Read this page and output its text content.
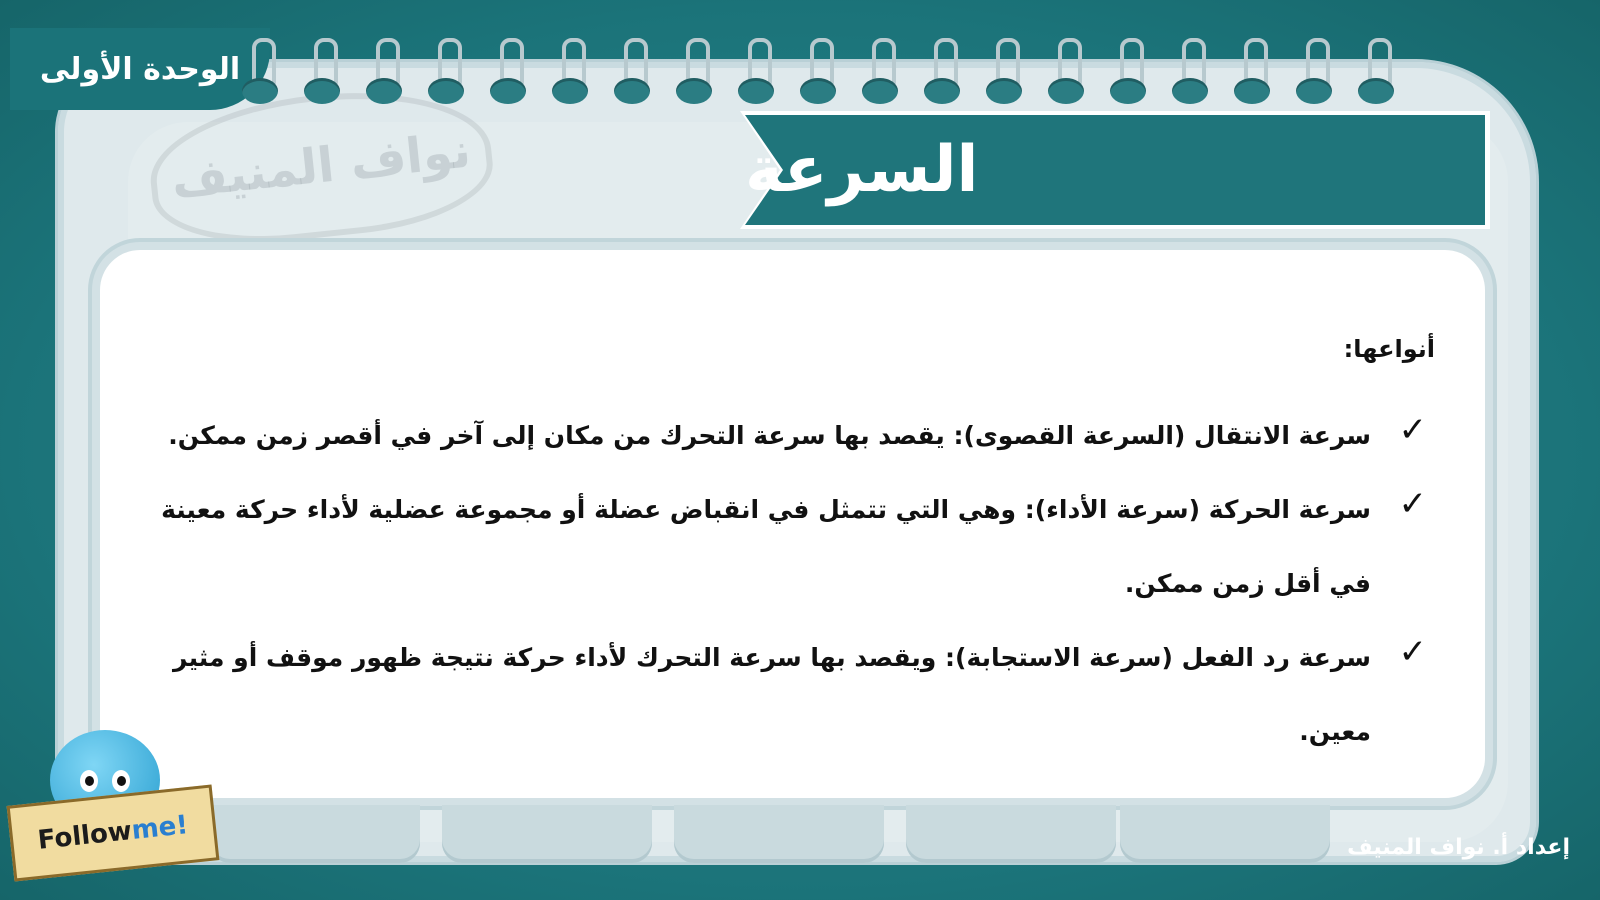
نواف المنيف
الوحدة الأولى
السرعة
أنواعها:
✓
سرعة الانتقال (السرعة القصوى): يقصد بها سرعة التحرك من مكان إلى آخر في أقصر زمن ممكن.
✓
سرعة الحركة (سرعة الأداء): وهي التي تتمثل في انقباض عضلة أو مجموعة عضلية لأداء حركة معينة في أقل زمن ممكن.
✓
سرعة رد الفعل (سرعة الاستجابة): ويقصد بها سرعة التحرك لأداء حركة نتيجة ظهور موقف أو مثير معين.
Follow
me!
إعداد أ. نواف المنيف
